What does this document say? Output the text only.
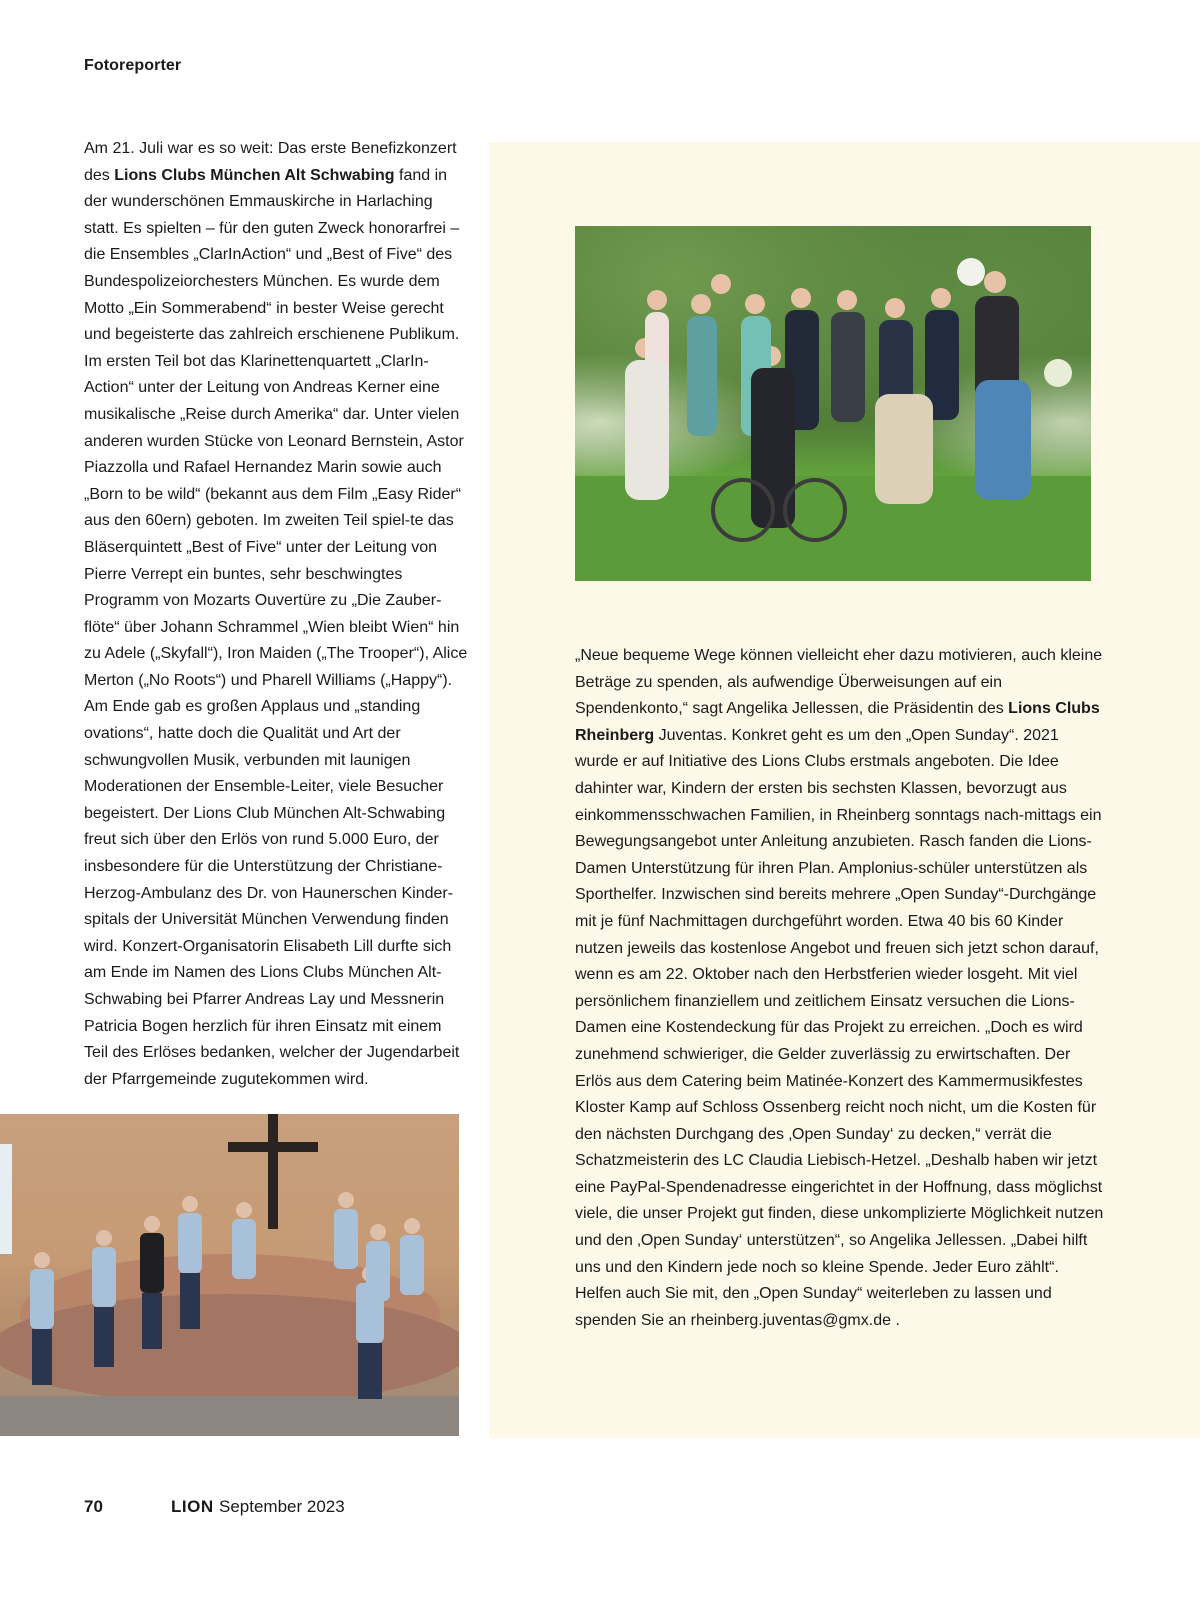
Fotoreporter

Am 21. Juli war es so weit: Das erste Benefizkonzert des Lions Clubs München Alt Schwabing fand in der wunderschönen Emmauskirche in Harlaching statt. Es spielten – für den guten Zweck honorarfrei – die Ensembles „ClarInAction“ und „Best of Five“ des Bundespolizeiorchesters München. Es wurde dem Motto „Ein Sommerabend“ in bester Weise gerecht und begeisterte das zahlreich erschienene Publikum. Im ersten Teil bot das Klarinettenquartett „ClarIn-Action“ unter der Leitung von Andreas Kerner eine musikalische „Reise durch Amerika“ dar. Unter vielen anderen wurden Stücke von Leonard Bernstein, Astor Piazzolla und Rafael Hernandez Marin sowie auch „Born to be wild“ (bekannt aus dem Film „Easy Rider“ aus den 60ern) geboten. Im zweiten Teil spiel-te das Bläserquintett „Best of Five“ unter der Leitung von Pierre Verrept ein buntes, sehr beschwingtes Programm von Mozarts Ouvertüre zu „Die Zauber-flöte“ über Johann Schrammel „Wien bleibt Wien“ hin zu Adele („Skyfall“), Iron Maiden („The Trooper“), Alice Merton („No Roots“) und Pharell Williams („Happy“). Am Ende gab es großen Applaus und „standing ovations“, hatte doch die Qualität und Art der schwungvollen Musik, verbunden mit launigen Moderationen der Ensemble-Leiter, viele Besucher begeistert. Der Lions Club München Alt-Schwabing freut sich über den Erlös von rund 5.000 Euro, der insbesondere für die Unterstützung der Christiane-Herzog-Ambulanz des Dr. von Haunerschen Kinder-spitals der Universität München Verwendung finden wird. Konzert-Organisatorin Elisabeth Lill durfte sich am Ende im Namen des Lions Clubs München Alt-Schwabing bei Pfarrer Andreas Lay und Messnerin Patricia Bogen herzlich für ihren Einsatz mit einem Teil des Erlöses bedanken, welcher der Jugendarbeit der Pfarrgemeinde zugutekommen wird.

„Neue bequeme Wege können vielleicht eher dazu motivieren, auch kleine Beträge zu spenden, als aufwendige Überweisungen auf ein Spendenkonto,“ sagt Angelika Jellessen, die Präsidentin des Lions Clubs Rheinberg Juventas. Konkret geht es um den „Open Sunday“. 2021 wurde er auf Initiative des Lions Clubs erstmals angeboten. Die Idee dahinter war, Kindern der ersten bis sechsten Klassen, bevorzugt aus einkommensschwachen Familien, in Rheinberg sonntags nach-mittags ein Bewegungsangebot unter Anleitung anzubieten. Rasch fanden die Lions-Damen Unterstützung für ihren Plan. Amplonius-schüler unterstützen als Sporthelfer. Inzwischen sind bereits mehrere „Open Sunday“-Durchgänge mit je fünf Nachmittagen durchgeführt worden. Etwa 40 bis 60 Kinder nutzen jeweils das kostenlose Angebot und freuen sich jetzt schon darauf, wenn es am 22. Oktober nach den Herbstferien wieder losgeht. Mit viel persönlichem finanziellem und zeitlichem Einsatz versuchen die Lions-Damen eine Kostendeckung für das Projekt zu erreichen. „Doch es wird zunehmend schwieriger, die Gelder zuverlässig zu erwirtschaften. Der Erlös aus dem Catering beim Matinée-Konzert des Kammermusikfestes Kloster Kamp auf Schloss Ossenberg reicht noch nicht, um die Kosten für den nächsten Durchgang des ‚Open Sunday‘ zu decken,“ verrät die Schatzmeisterin des LC Claudia Liebisch-Hetzel. „Deshalb haben wir jetzt eine PayPal-Spendenadresse eingerichtet in der Hoffnung, dass möglichst viele, die unser Projekt gut finden, diese unkomplizierte Möglichkeit nutzen und den ‚Open Sunday‘ unterstützen“, so Angelika Jellessen. „Dabei hilft uns und den Kindern jede noch so kleine Spende. Jeder Euro zählt“. Helfen auch Sie mit, den „Open Sunday“ weiterleben zu lassen und spenden Sie an rheinberg.juventas@gmx.de .

70	LION September 2023
